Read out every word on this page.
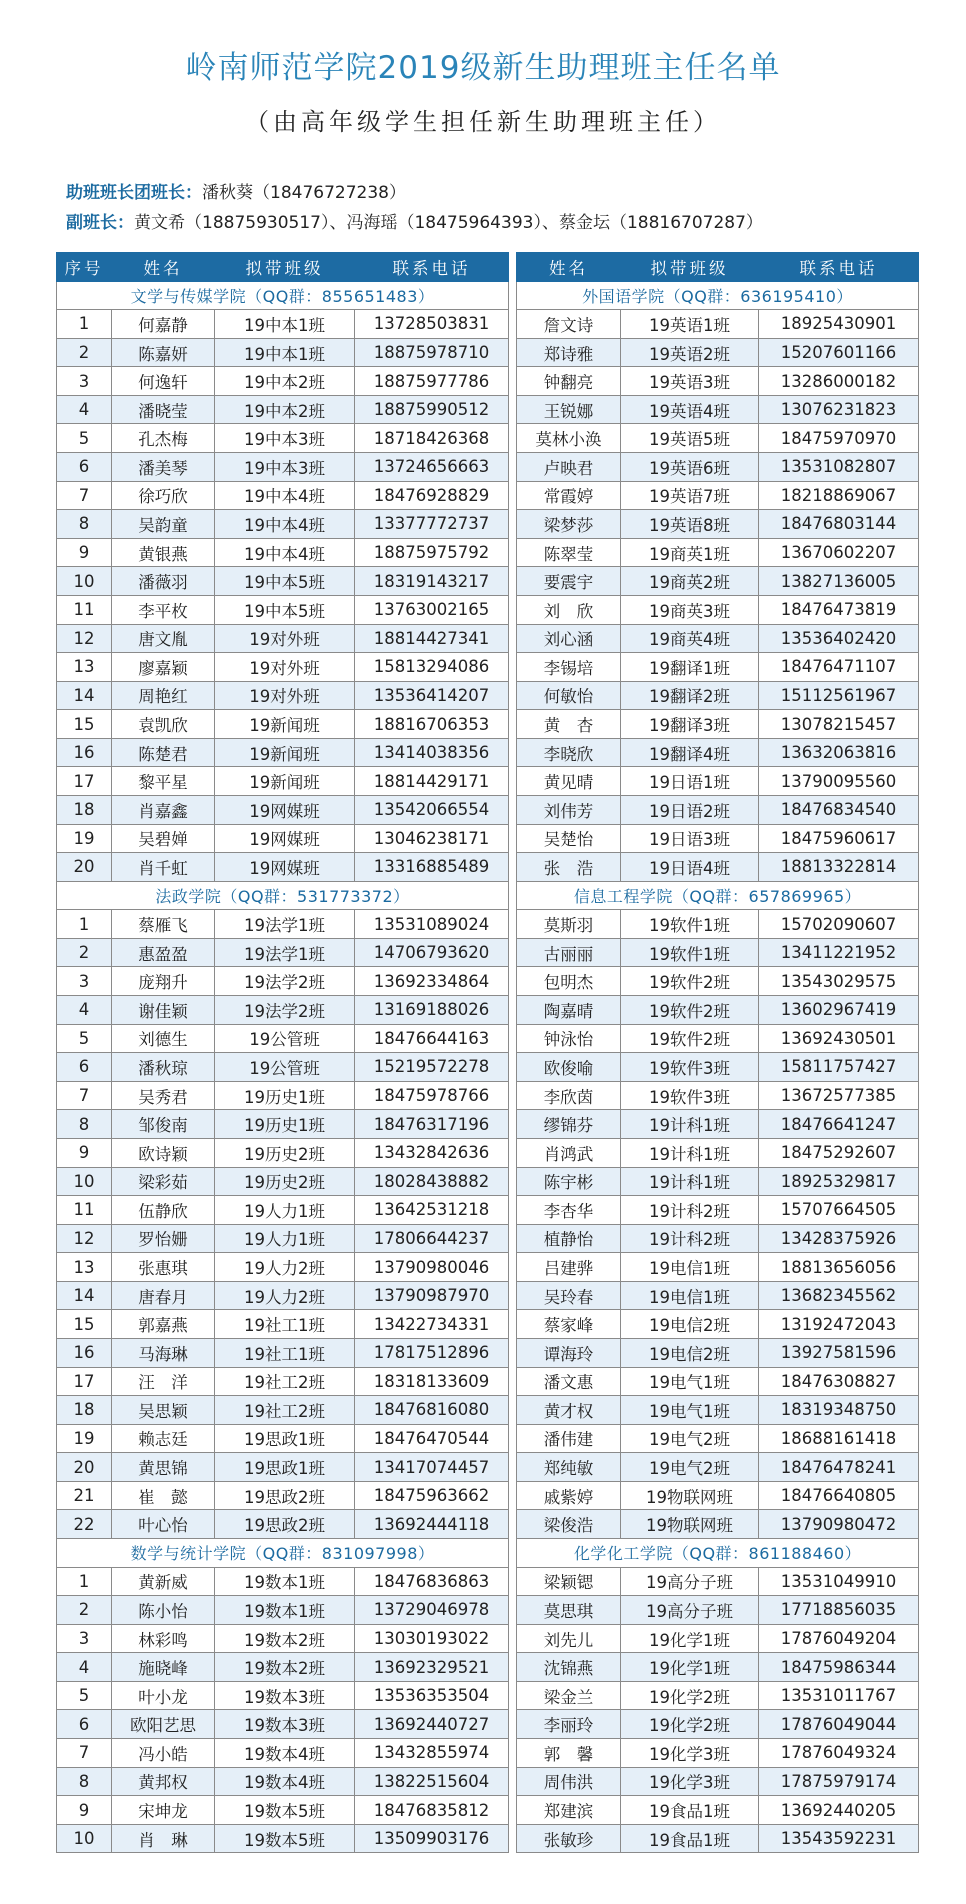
岭南师范学院2019级新生助理班主任名单
（由高年级学生担任新生助理班主任）
助班班长团班长：潘秋葵（18476727238）
副班长：黄文希（18875930517）、冯海瑶（18475964393）、蔡金坛（18816707287）
序号	姓名	拟带班级	联系电话
文学与传媒学院（QQ群：855651483）			
1	何嘉静	19中本1班	13728503831
2	陈嘉妍	19中本1班	18875978710
3	何逸轩	19中本2班	18875977786
4	潘晓莹	19中本2班	18875990512
5	孔杰梅	19中本3班	18718426368
6	潘美琴	19中本3班	13724656663
7	徐巧欣	19中本4班	18476928829
8	吴韵童	19中本4班	13377772737
9	黄银燕	19中本4班	18875975792
10	潘薇羽	19中本5班	18319143217
11	李平枚	19中本5班	13763002165
12	唐文胤	19对外班	18814427341
13	廖嘉颖	19对外班	15813294086
14	周艳红	19对外班	13536414207
15	袁凯欣	19新闻班	18816706353
16	陈楚君	19新闻班	13414038356
17	黎平星	19新闻班	18814429171
18	肖嘉鑫	19网媒班	13542066554
19	吴碧婵	19网媒班	13046238171
20	肖千虹	19网媒班	13316885489
法政学院（QQ群：531773372）			
1	蔡雁飞	19法学1班	13531089024
2	惠盈盈	19法学1班	14706793620
3	庞翔升	19法学2班	13692334864
4	谢佳颖	19法学2班	13169188026
5	刘德生	19公管班	18476644163
6	潘秋琼	19公管班	15219572278
7	吴秀君	19历史1班	18475978766
8	邹俊南	19历史1班	18476317196
9	欧诗颖	19历史2班	13432842636
10	梁彩茹	19历史2班	18028438882
11	伍静欣	19人力1班	13642531218
12	罗怡姗	19人力1班	17806644237
13	张惠琪	19人力2班	13790980046
14	唐春月	19人力2班	13790987970
15	郭嘉燕	19社工1班	13422734331
16	马海琳	19社工1班	17817512896
17	汪　洋	19社工2班	18318133609
18	吴思颖	19社工2班	18476816080
19	赖志廷	19思政1班	18476470544
20	黄思锦	19思政1班	13417074457
21	崔　懿	19思政2班	18475963662
22	叶心怡	19思政2班	13692444118
数学与统计学院（QQ群：831097998）			
1	黄新威	19数本1班	18476836863
2	陈小怡	19数本1班	13729046978
3	林彩鸣	19数本2班	13030193022
4	施晓峰	19数本2班	13692329521
5	叶小龙	19数本3班	13536353504
6	欧阳艺思	19数本3班	13692440727
7	冯小皓	19数本4班	13432855974
8	黄邦权	19数本4班	13822515604
9	宋坤龙	19数本5班	18476835812
10	肖　琳	19数本5班	13509903176
姓名	拟带班级	联系电话
外国语学院（QQ群：636195410）		
詹文诗	19英语1班	18925430901
郑诗雅	19英语2班	15207601166
钟翻亮	19英语3班	13286000182
王锐娜	19英语4班	13076231823
莫林小涣	19英语5班	18475970970
卢映君	19英语6班	13531082807
常霞婷	19英语7班	18218869067
梁梦莎	19英语8班	18476803144
陈翠莹	19商英1班	13670602207
要震宇	19商英2班	13827136005
刘　欣	19商英3班	18476473819
刘心涵	19商英4班	13536402420
李锡培	19翻译1班	18476471107
何敏怡	19翻译2班	15112561967
黄　杏	19翻译3班	13078215457
李晓欣	19翻译4班	13632063816
黄见晴	19日语1班	13790095560
刘伟芳	19日语2班	18476834540
吴楚怡	19日语3班	18475960617
张　浩	19日语4班	18813322814
信息工程学院（QQ群：657869965）		
莫斯羽	19软件1班	15702090607
古丽丽	19软件1班	13411221952
包明杰	19软件2班	13543029575
陶嘉晴	19软件2班	13602967419
钟泳怡	19软件2班	13692430501
欧俊喻	19软件3班	15811757427
李欣茵	19软件3班	13672577385
缪锦芬	19计科1班	18476641247
肖鸿武	19计科1班	18475292607
陈宇彬	19计科1班	18925329817
李杏华	19计科2班	15707664505
植静怡	19计科2班	13428375926
吕建骅	19电信1班	18813656056
吴玲春	19电信1班	13682345562
蔡家峰	19电信2班	13192472043
谭海玲	19电信2班	13927581596
潘文惠	19电气1班	18476308827
黄才权	19电气1班	18319348750
潘伟建	19电气2班	18688161418
郑纯敏	19电气2班	18476478241
戚紫婷	19物联网班	18476640805
梁俊浩	19物联网班	13790980472
化学化工学院（QQ群：861188460）		
梁颖锶	19高分子班	13531049910
莫思琪	19高分子班	17718856035
刘先儿	19化学1班	17876049204
沈锦燕	19化学1班	18475986344
梁金兰	19化学2班	13531011767
李丽玲	19化学2班	17876049044
郭　馨	19化学3班	17876049324
周伟洪	19化学3班	17875979174
郑建滨	19食品1班	13692440205
张敏珍	19食品1班	13543592231
